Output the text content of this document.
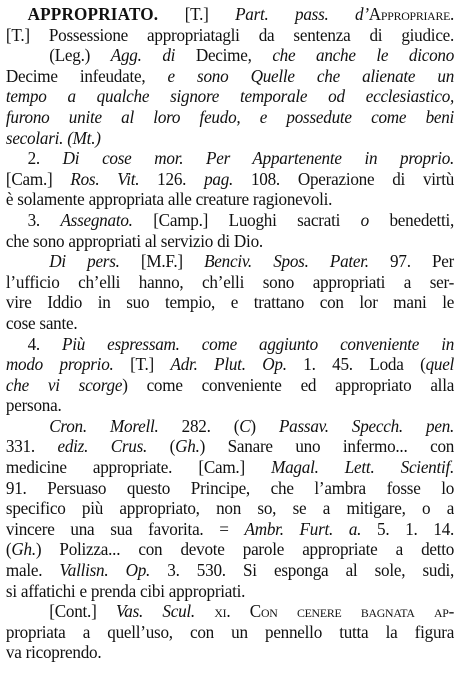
APPROPRIATO. [T.] Part. pass. d’Appropriare.
[T.] Possessione appropriatagli da sentenza di giudice.
(Leg.) Agg. di Decime, che anche le dicono
Decime infeudate, e sono Quelle che alienate un
tempo a qualche signore temporale od ecclesiastico,
furono unite al loro feudo, e possedute come beni
secolari. (Mt.)
2. Di cose mor. Per Appartenente in proprio.
[Cam.] Ros. Vit. 126. pag. 108. Operazione di virtù
è solamente appropriata alle creature ragionevoli.
3. Assegnato. [Camp.] Luoghi sacrati o benedetti,
che sono appropriati al servizio di Dio.
Di pers. [M.F.] Benciv. Spos. Pater. 97. Per
l’ufficio ch’elli hanno, ch’elli sono appropriati a ser-
vire Iddio in suo tempio, e trattano con lor mani le
cose sante.
4. Più espressam. come aggiunto conveniente in
modo proprio. [T.] Adr. Plut. Op. 1. 45. Loda (quel
che vi scorge) come conveniente ed appropriato alla
persona.
Cron. Morell. 282. (C) Passav. Specch. pen.
331. ediz. Crus. (Gh.) Sanare uno infermo... con
medicine appropriate. [Cam.] Magal. Lett. Scientif.
91. Persuaso questo Principe, che l’ambra fosse lo
specifico più appropriato, non so, se a mitigare, o a
vincere una sua favorita. = Ambr. Furt. a. 5. 1. 14.
(Gh.) Polizza... con devote parole appropriate a detto
male. Vallisn. Op. 3. 530. Si esponga al sole, sudi,
si affatichi e prenda cibi appropriati.
[Cont.] Vas. Scul. xi. Con cenere bagnata ap-
propriata a quell’uso, con un pennello tutta la figura
va ricoprendo.
